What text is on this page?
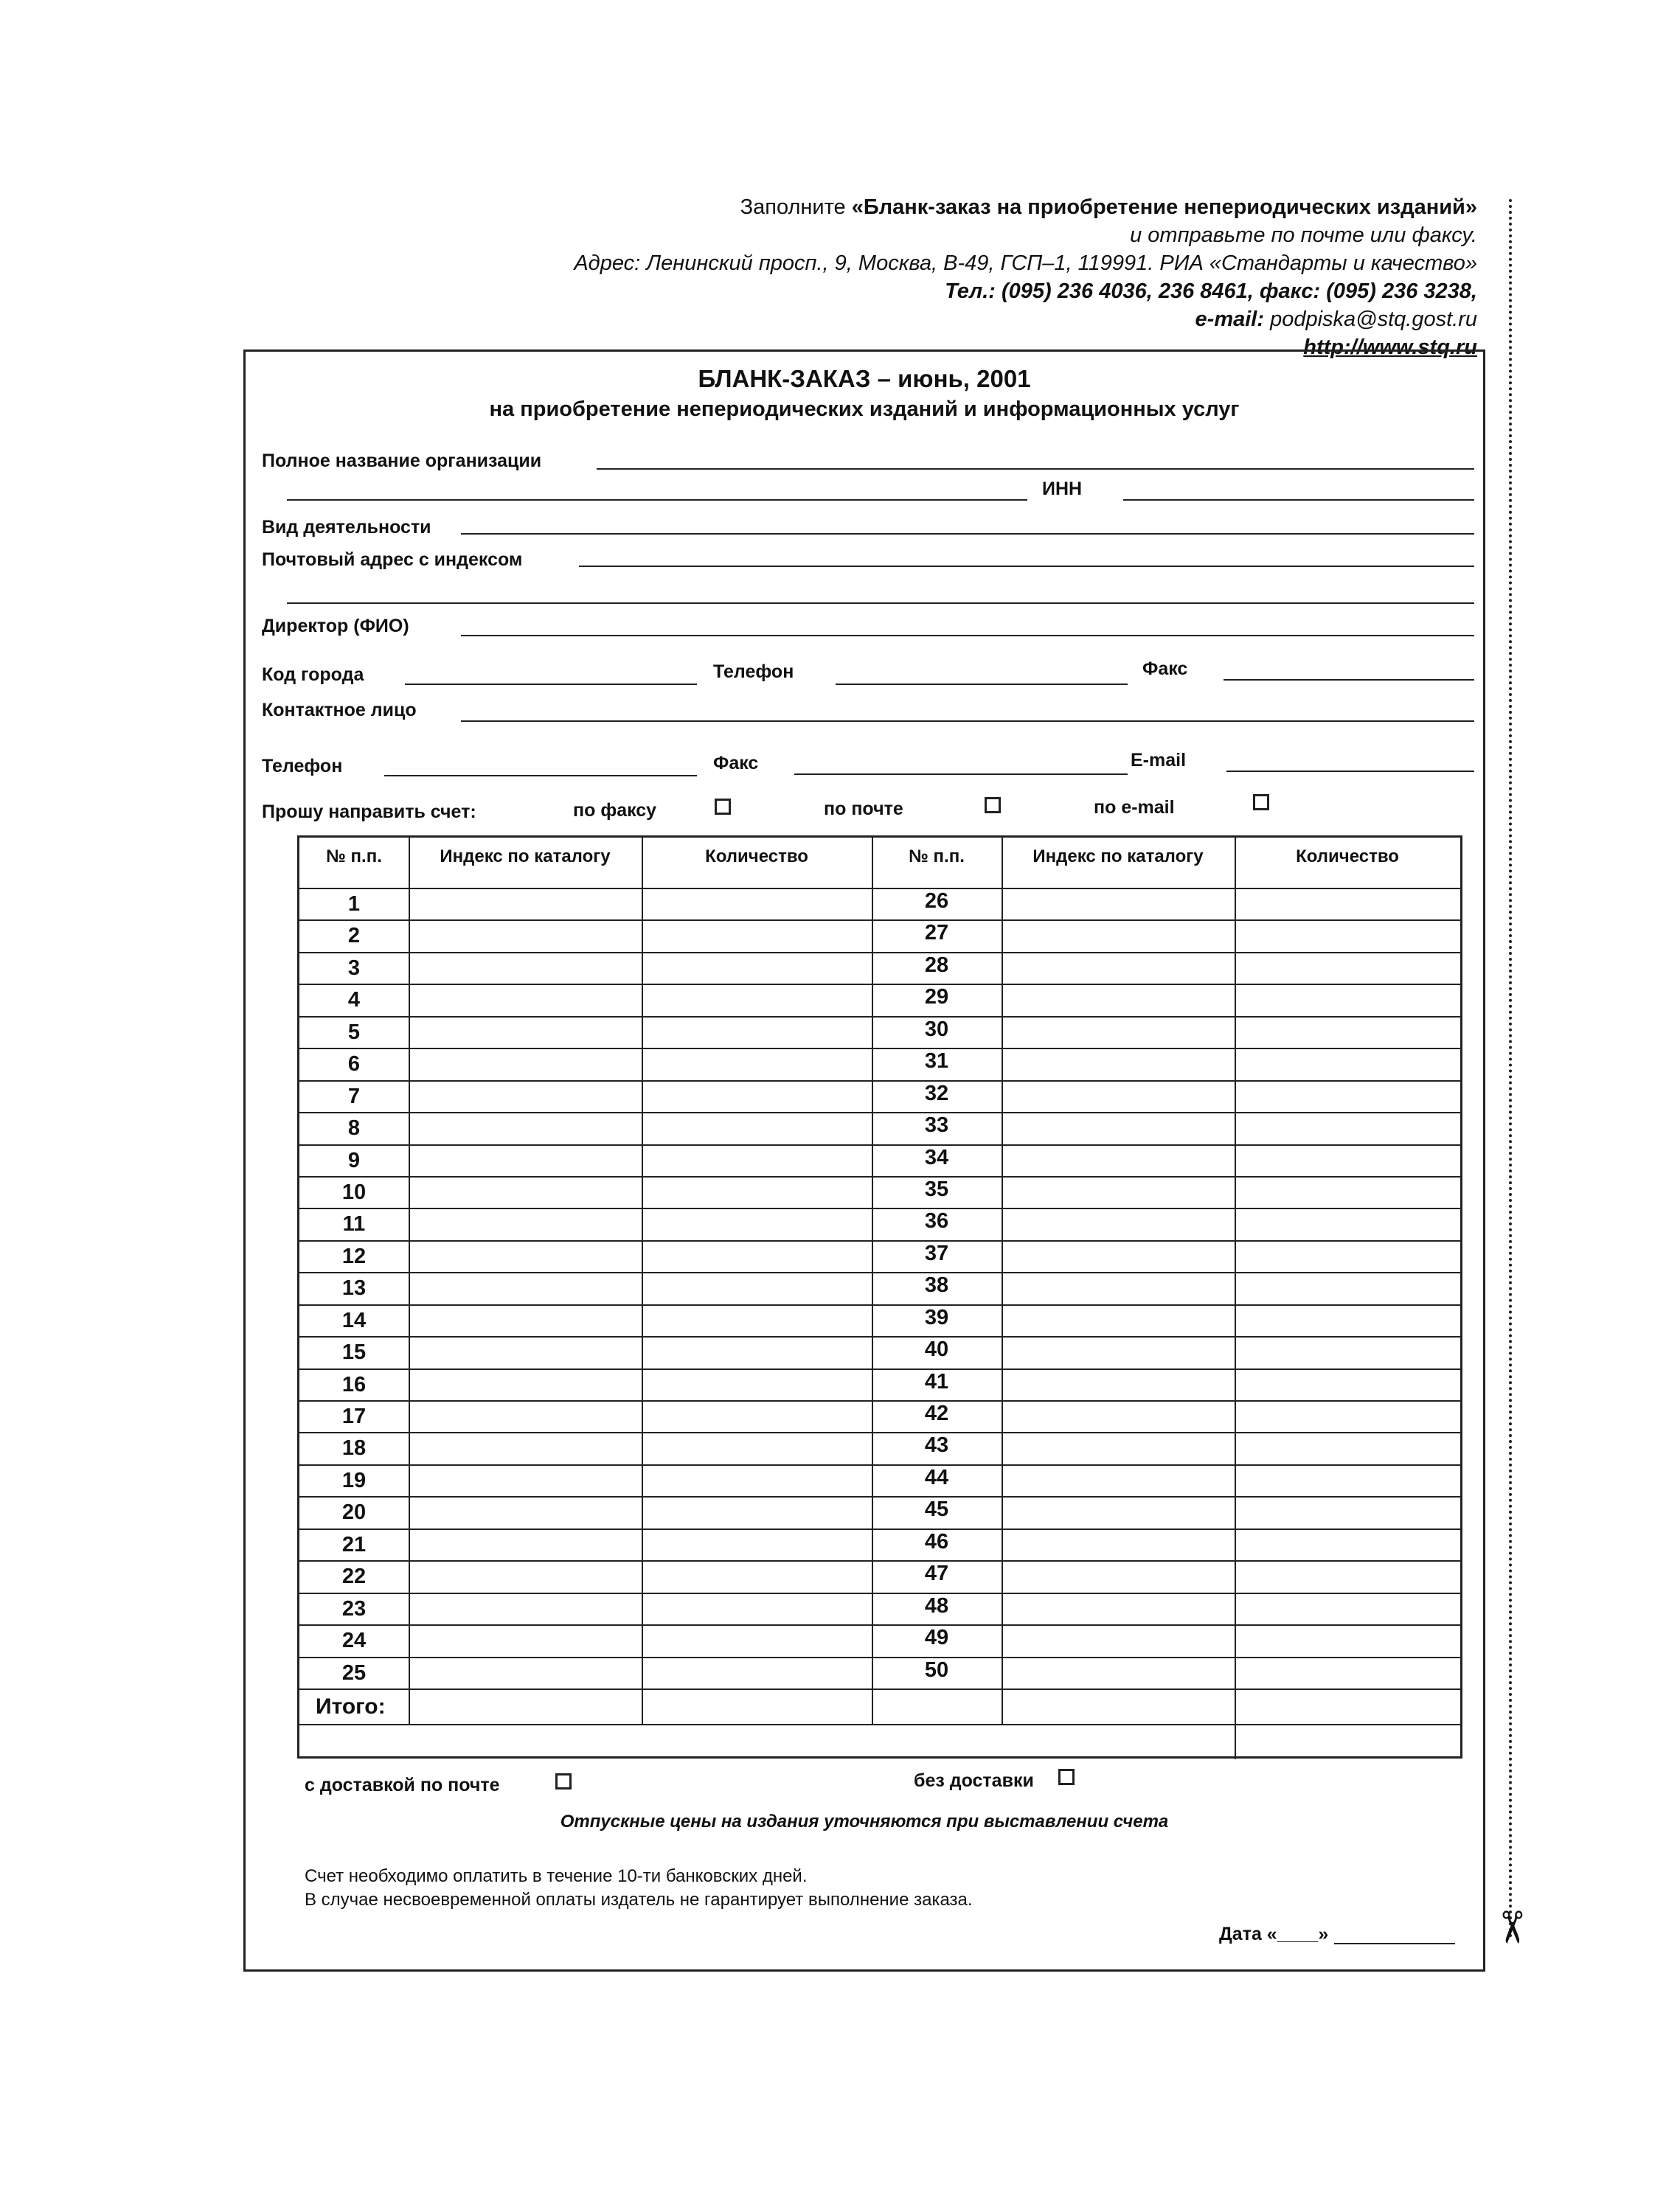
Заполните «Бланк-заказ на приобретение непериодических изданий»
и отправьте по почте или факсу.
Адрес: Ленинский просп., 9, Москва, В-49, ГСП–1, 119991. РИА «Стандарты и качество»
Тел.: (095) 236 4036, 236 8461, факс: (095) 236 3238,
e-mail: podpiska@stq.gost.ru
http://www.stq.ru
✂
БЛАНК-ЗАКАЗ – июнь, 2001
на приобретение непериодических изданий и информационных услуг
Полное название организации
ИНН
Вид деятельности
Почтовый адрес с индексом
Директор (ФИО)
Код города	Телефон	Факс
Контактное лицо
Телефон	Факс	E-mail
Прошу направить счет:	по факсу	по почте	по e-mail
№ п.п.	Индекс по каталогу	Количество	№ п.п.	Индекс по каталогу	Количество
1	26
2	27
3	28
4	29
5	30
6	31
7	32
8	33
9	34
10	35
11	36
12	37
13	38
14	39
15	40
16	41
17	42
18	43
19	44
20	45
21	46
22	47
23	48
24	49
25	50
Итого:
с доставкой по почте	без доставки
Отпускные цены на издания уточняются при выставлении счета
Счет необходимо оплатить в течение 10-ти банковских дней.
В случае несвоевременной оплаты издатель не гарантирует выполнение заказа.
Дата «____»
